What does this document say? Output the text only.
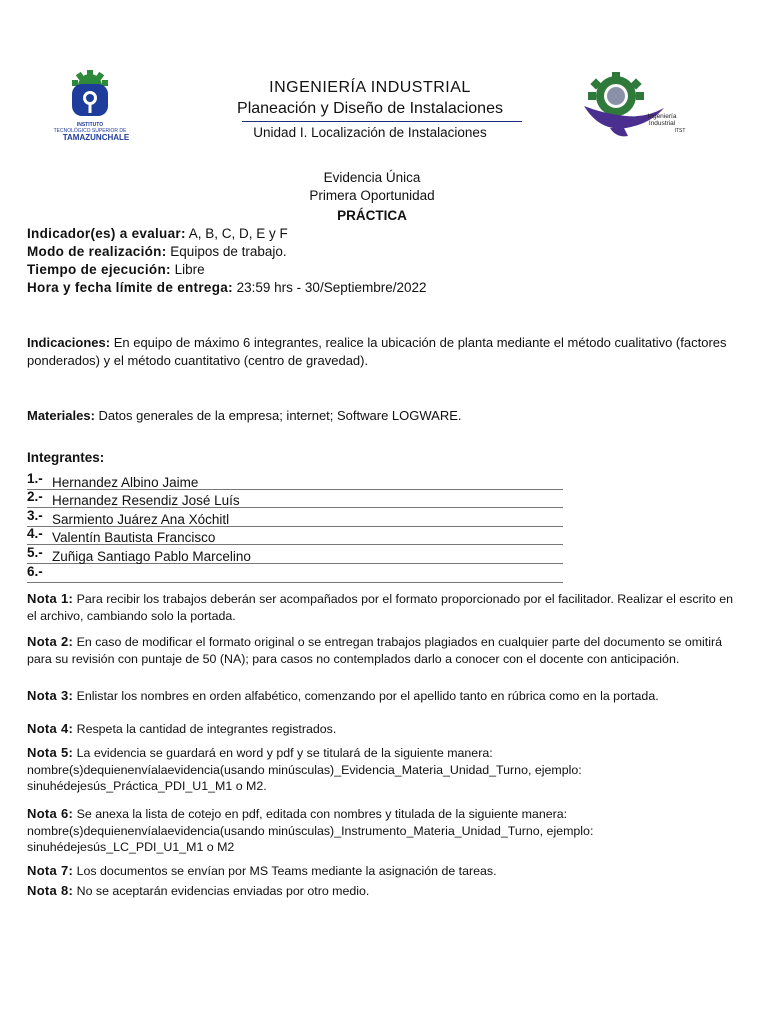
INSTITUTO
TECNOLÓGICO SUPERIOR DE
TAMAZUNCHALE
INGENIERÍA INDUSTRIAL
Planeación y Diseño de Instalaciones
Unidad I. Localización de Instalaciones
Ingeniería
Industrial
ITST
Evidencia Única
Primera Oportunidad
PRÁCTICA
Indicador(es) a evaluar: A, B, C, D, E y F
Modo de realización: Equipos de trabajo.
Tiempo de ejecución: Libre
Hora y fecha límite de entrega: 23:59 hrs - 30/Septiembre/2022
Indicaciones: En equipo de máximo 6 integrantes, realice la ubicación de planta mediante el método cualitativo (factores ponderados) y el método cuantitativo (centro de gravedad).
Materiales: Datos generales de la empresa; internet; Software LOGWARE.
Integrantes:
1.- Hernandez Albino Jaime
2.- Hernandez Resendiz José Luís
3.- Sarmiento Juárez Ana Xóchitl
4.- Valentín Bautista Francisco
5.- Zuñiga Santiago Pablo Marcelino
6.-
Nota 1: Para recibir los trabajos deberán ser acompañados por el formato proporcionado por el facilitador. Realizar el escrito en el archivo, cambiando solo la portada.
Nota 2: En caso de modificar el formato original o se entregan trabajos plagiados en cualquier parte del documento se omitirá para su revisión con puntaje de 50 (NA); para casos no contemplados darlo a conocer con el docente con anticipación.
Nota 3: Enlistar los nombres en orden alfabético, comenzando por el apellido tanto en rúbrica como en la portada.
Nota 4: Respeta la cantidad de integrantes registrados.
Nota 5: La evidencia se guardará en word y pdf y se titulará de la siguiente manera:
nombre(s)dequienenvíalaevidencia(usando minúsculas)_Evidencia_Materia_Unidad_Turno, ejemplo:
sinuhédejesús_Práctica_PDI_U1_M1 o M2.
Nota 6: Se anexa la lista de cotejo en pdf, editada con nombres y titulada de la siguiente manera:
nombre(s)dequienenvíalaevidencia(usando minúsculas)_Instrumento_Materia_Unidad_Turno, ejemplo:
sinuhédejesús_LC_PDI_U1_M1 o M2
Nota 7: Los documentos se envían por MS Teams mediante la asignación de tareas.
Nota 8: No se aceptarán evidencias enviadas por otro medio.
